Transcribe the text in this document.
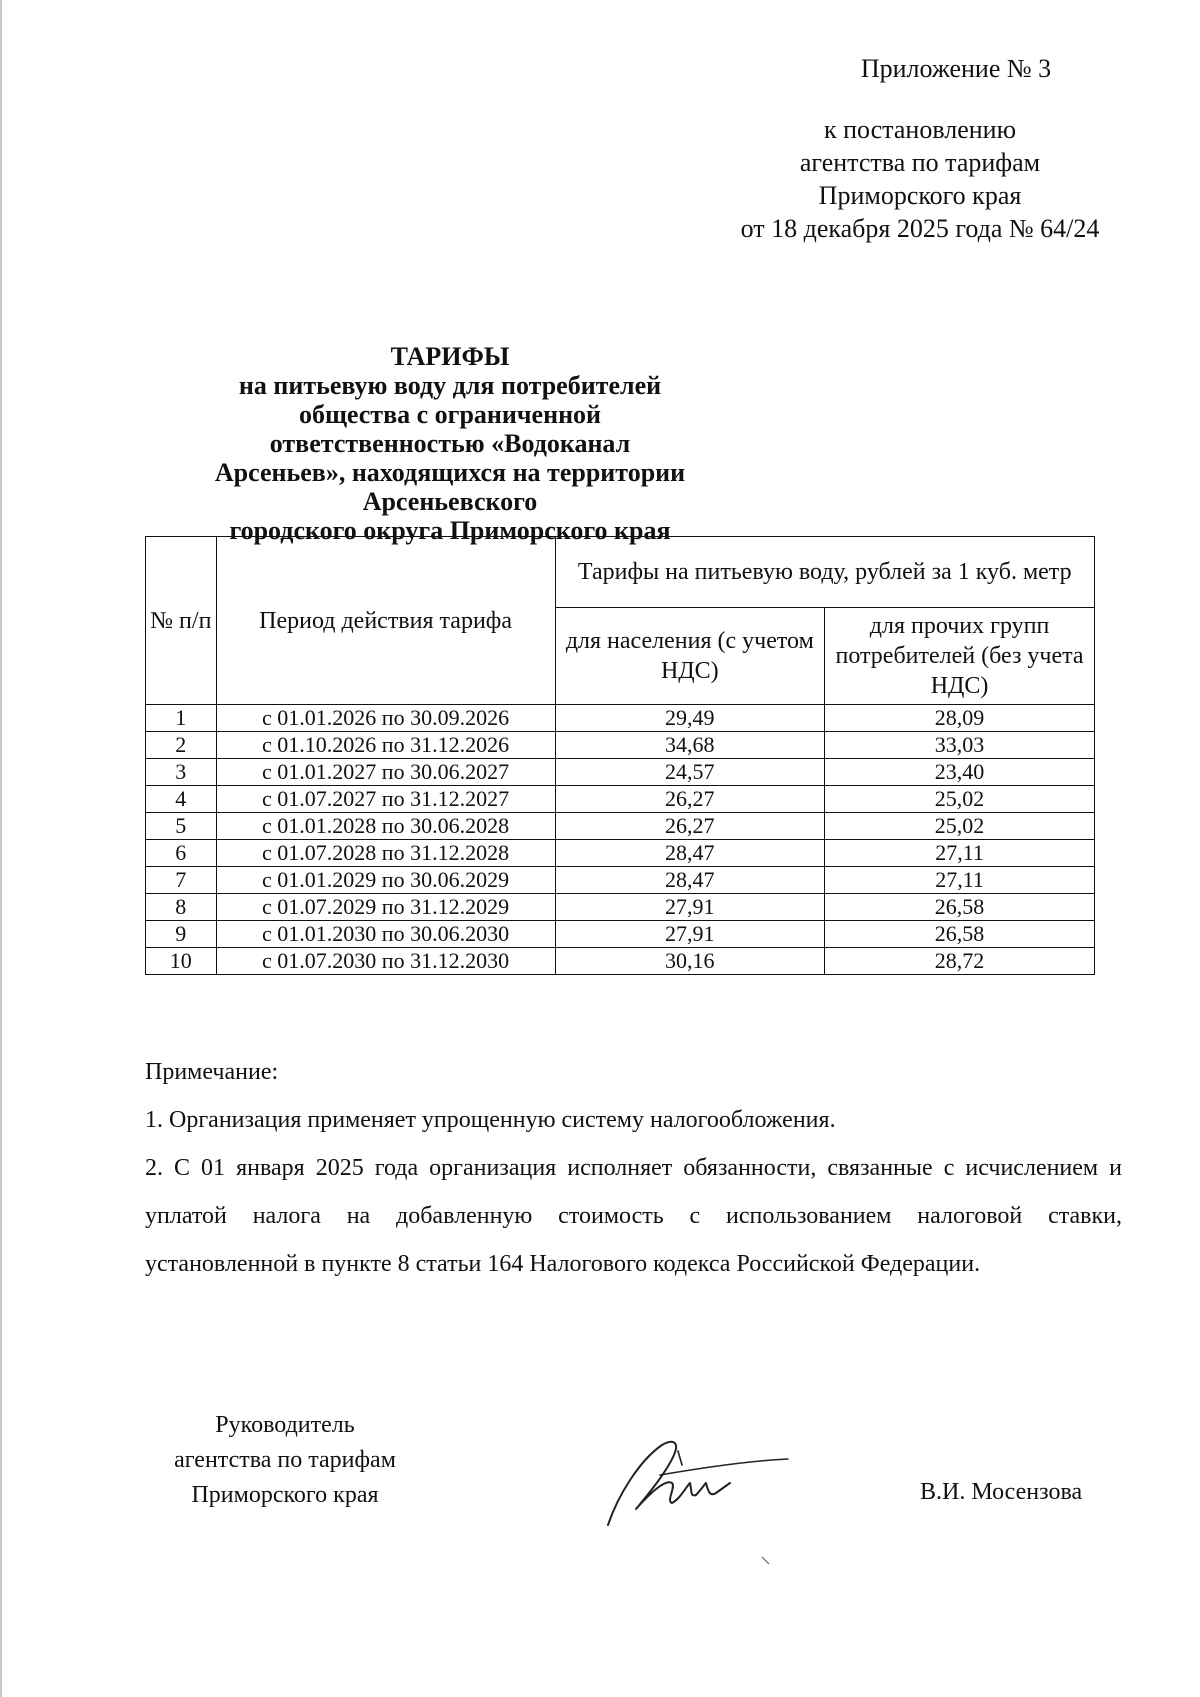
Приложение № 3
к постановлению
агентства по тарифам
Приморского края
от 18 декабря 2025 года № 64/24
ТАРИФЫ
на питьевую воду для потребителей
общества с ограниченной ответственностью «Водоканал
Арсеньев», находящихся на территории Арсеньевского
городского округа Приморского края
№ п/п	Период действия тарифа	Тарифы на питьевую воду, рублей за 1 куб. метр	
		для населения (с учетом НДС)	для прочих групп потребителей (без учета НДС)
1	с 01.01.2026 по 30.09.2026	29,49	28,09
2	с 01.10.2026 по 31.12.2026	34,68	33,03
3	с 01.01.2027 по 30.06.2027	24,57	23,40
4	с 01.07.2027 по 31.12.2027	26,27	25,02
5	с 01.01.2028 по 30.06.2028	26,27	25,02
6	с 01.07.2028 по 31.12.2028	28,47	27,11
7	с 01.01.2029 по 30.06.2029	28,47	27,11
8	с 01.07.2029 по 31.12.2029	27,91	26,58
9	с 01.01.2030 по 30.06.2030	27,91	26,58
10	с 01.07.2030 по 31.12.2030	30,16	28,72

Примечание:

1. Организация применяет упрощенную систему налогообложения.

2. С 01 января 2025 года организация исполняет обязанности, связанные с исчислением и уплатой налога на добавленную стоимость с использованием налоговой ставки, установленной в пункте 8 статьи 164 Налогового кодекса Российской Федерации.

Руководитель
агентства по тарифам
Приморского края	В.И. Мосензова
